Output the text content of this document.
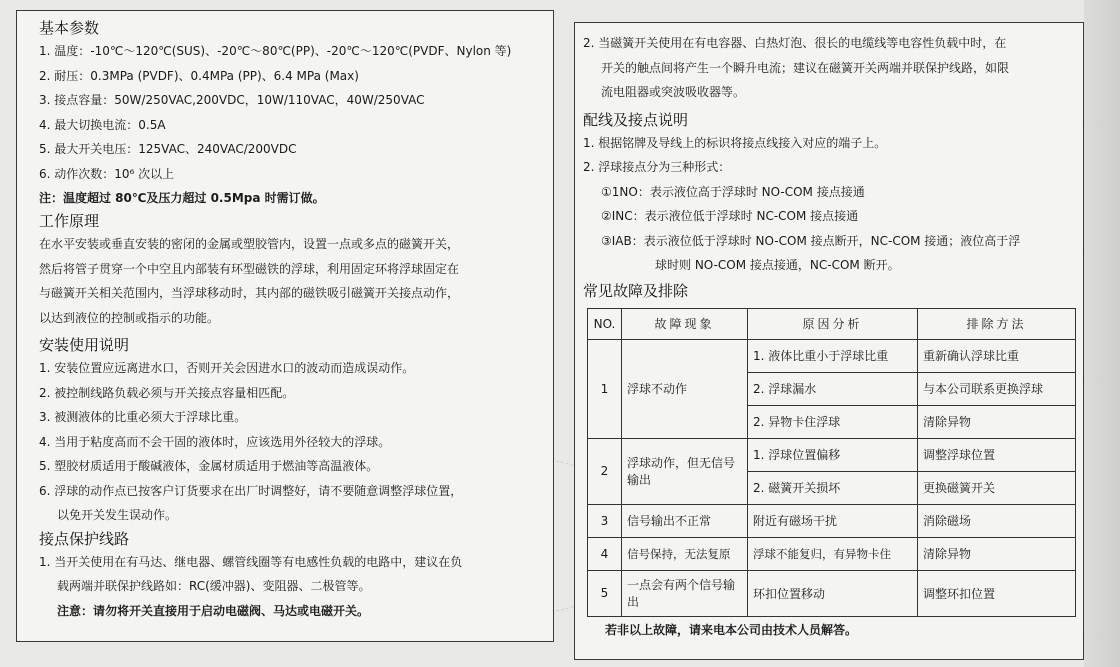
基本参数
1. 温度：-10℃～120℃(SUS)、-20℃～80℃(PP)、-20℃～120℃(PVDF、Nylon 等)
2. 耐压：0.3MPa (PVDF)、0.4MPa (PP)、6.4 MPa (Max)
3. 接点容量：50W/250VAC,200VDC，10W/110VAC，40W/250VAC
4. 最大切换电流：0.5A
5. 最大开关电压：125VAC、240VAC/200VDC
6. 动作次数：10⁶ 次以上
注：温度超过 80℃及压力超过 0.5Mpa 时需订做。
工作原理
在水平安装或垂直安装的密闭的金属或塑胶管内，设置一点或多点的磁簧开关，
然后将管子贯穿一个中空且内部装有环型磁铁的浮球，利用固定环将浮球固定在
与磁簧开关相关范围内，当浮球移动时，其内部的磁铁吸引磁簧开关接点动作，
以达到液位的控制或指示的功能。
安装使用说明
1. 安装位置应远离进水口，否则开关会因进水口的波动而造成误动作。
2. 被控制线路负载必须与开关接点容量相匹配。
3. 被测液体的比重必须大于浮球比重。
4. 当用于粘度高而不会干固的液体时，应该选用外径较大的浮球。
5. 塑胶材质适用于酸碱液体，金属材质适用于燃油等高温液体。
6. 浮球的动作点已按客户订货要求在出厂时调整好，请不要随意调整浮球位置，
以免开关发生误动作。
接点保护线路
1. 当开关使用在有马达、继电器、螺管线圈等有电感性负载的电路中，建议在负
载两端并联保护线路如：RC(缓冲器)、变阻器、二极管等。
注意：请勿将开关直接用于启动电磁阀、马达或电磁开关。
2. 当磁簧开关使用在有电容器、白热灯泡、很长的电缆线等电容性负载中时，在
开关的触点间将产生一个瞬升电流；建议在磁簧开关两端并联保护线路，如限
流电阻器或突波吸收器等。
配线及接点说明
1. 根据铭牌及导线上的标识将接点线接入对应的端子上。
2. 浮球接点分为三种形式：
①1NO：表示液位高于浮球时 NO-COM 接点接通
②INC：表示液位低于浮球时 NC-COM 接点接通
③IAB：表示液位低于浮球时 NO-COM 接点断开，NC-COM 接通；液位高于浮
球时则 NO-COM 接点接通，NC-COM 断开。
常见故障及排除
NO.	故障现象	原因分析	排除方法
1	浮球不动作	1. 液体比重小于浮球比重	重新确认浮球比重
		2. 浮球漏水	与本公司联系更换浮球
		2. 异物卡住浮球	清除异物
2	浮球动作，但无信号输出	1. 浮球位置偏移	调整浮球位置
		2. 磁簧开关损坏	更换磁簧开关
3	信号输出不正常	附近有磁场干扰	消除磁场
4	信号保持，无法复原	浮球不能复归，有异物卡住	清除异物
5	一点会有两个信号输出	环扣位置移动	调整环扣位置
若非以上故障，请来电本公司由技术人员解答。
